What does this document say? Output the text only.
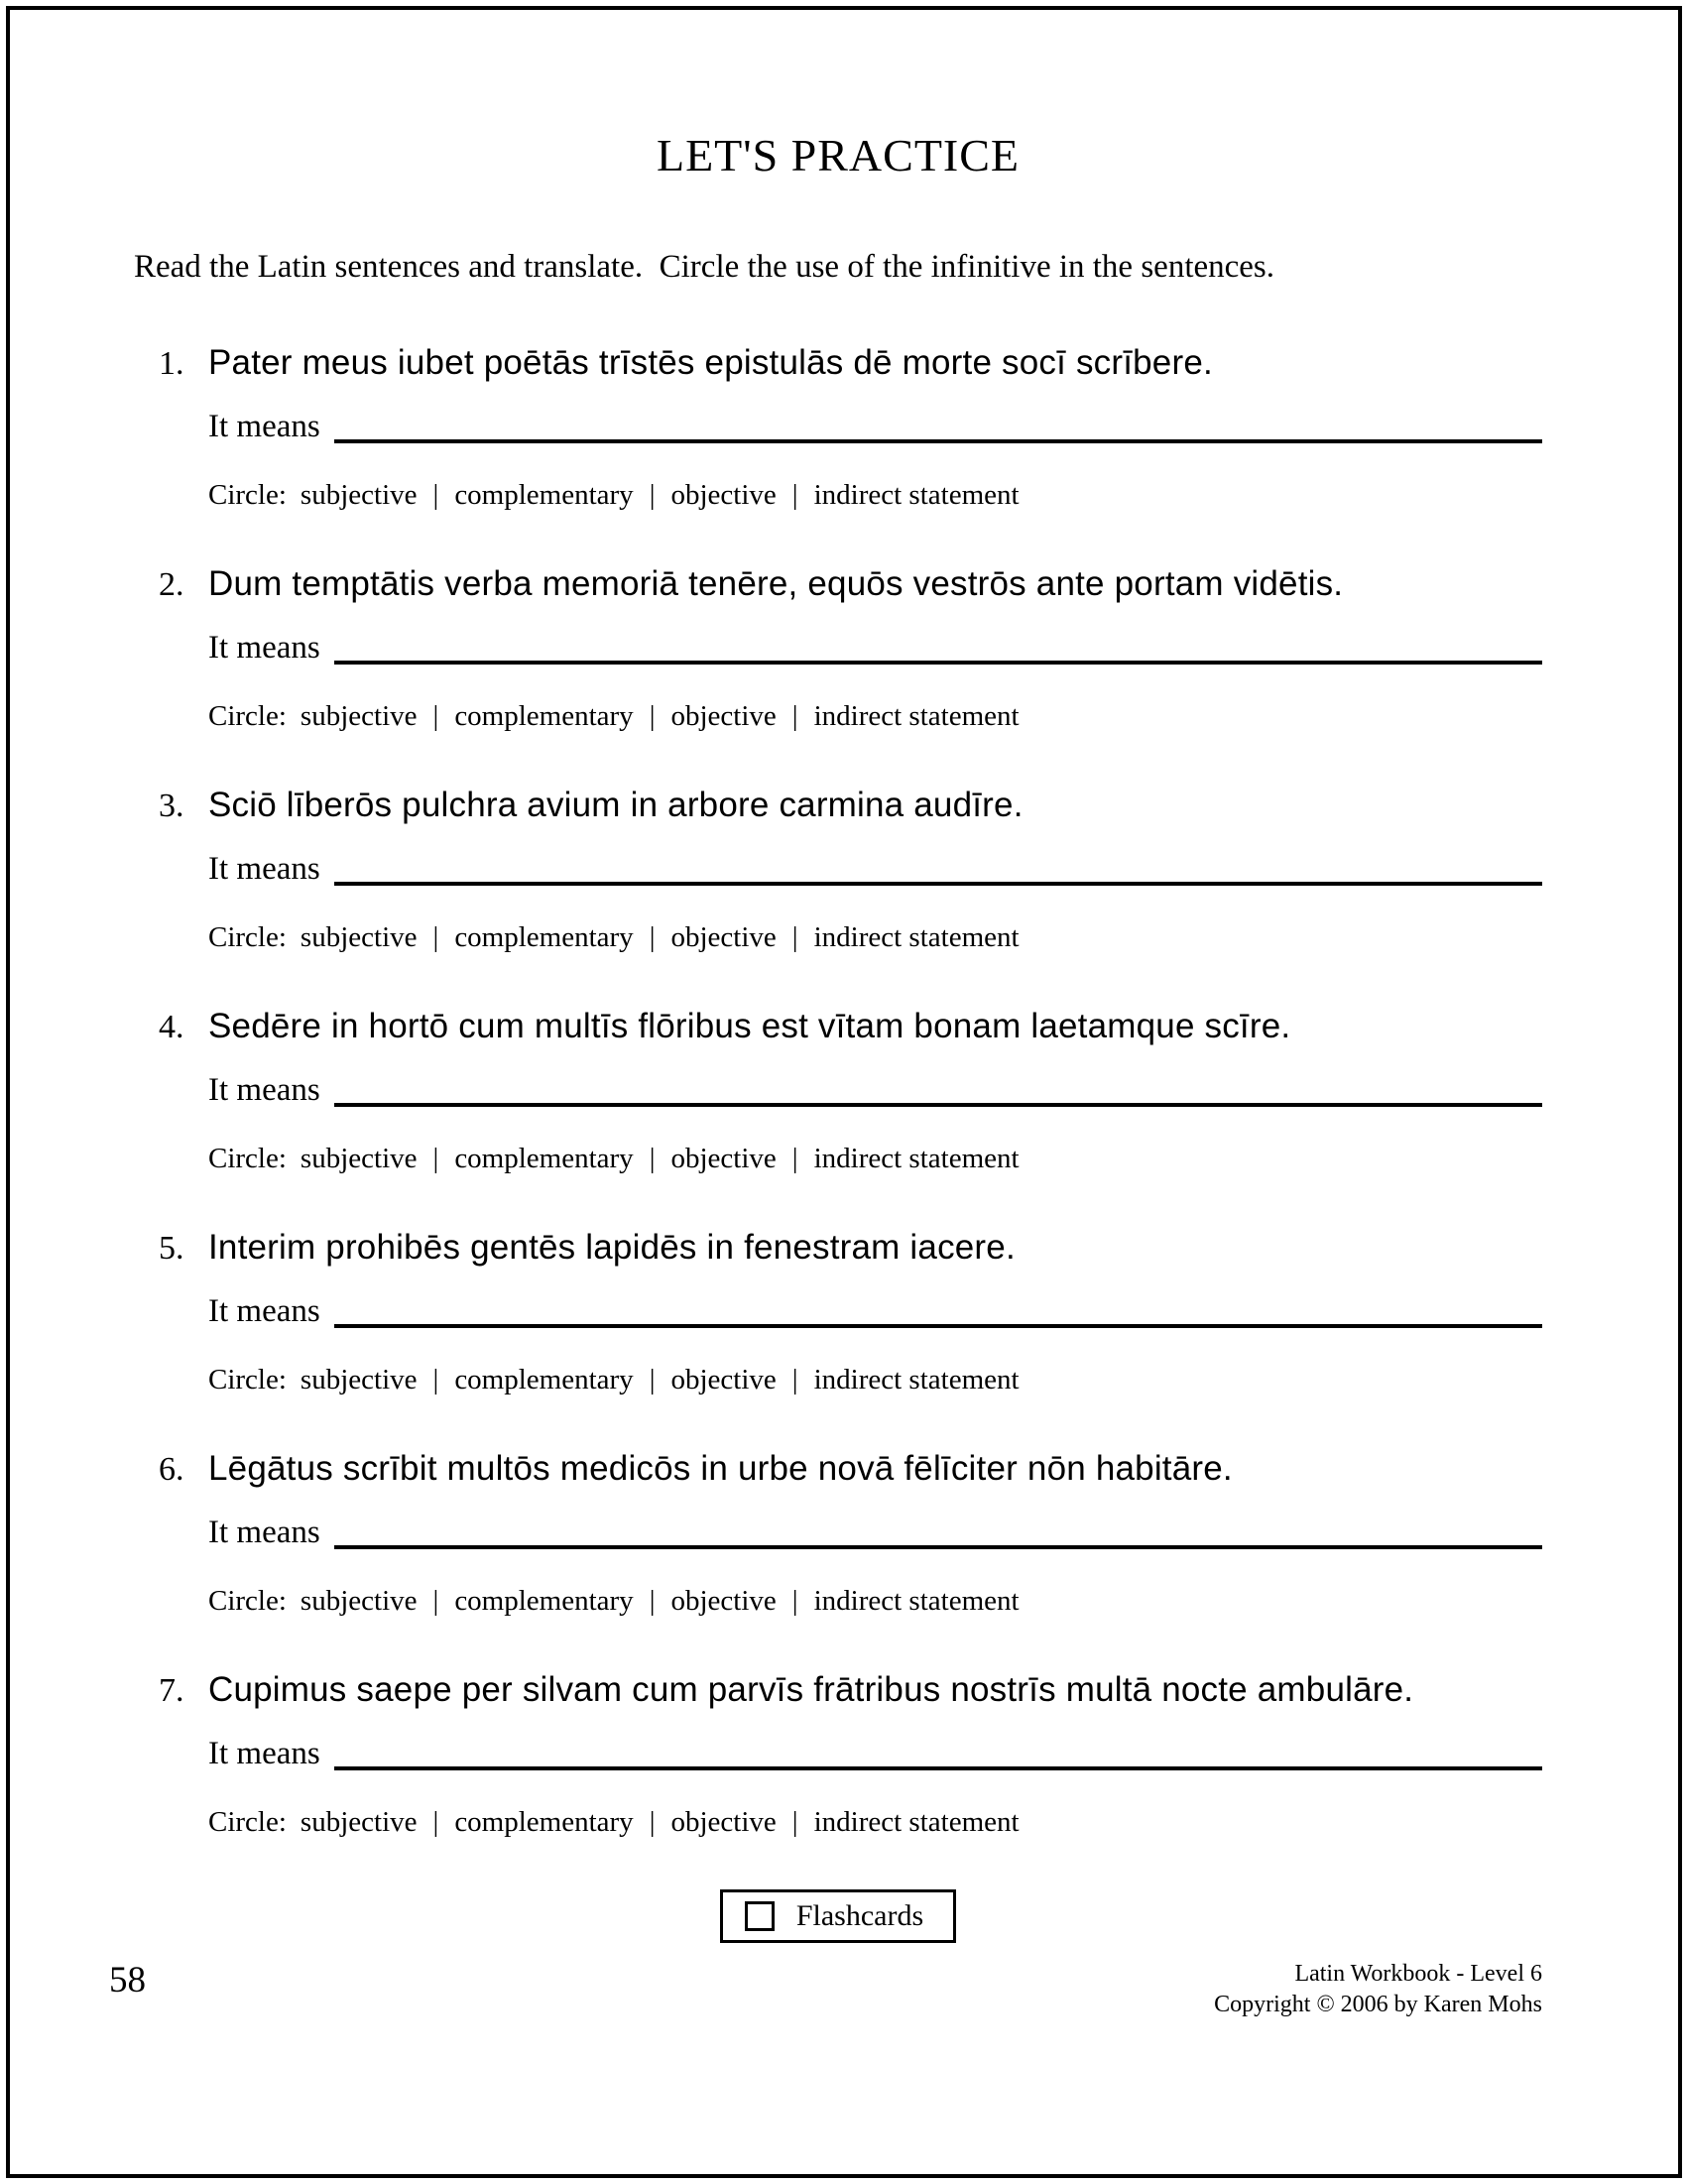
LET'S PRACTICE
Read the Latin sentences and translate.  Circle the use of the infinitive in the sentences.
1. Pater meus iubet poētās trīstēs epistulās dē morte socī scrībere.
It means
Circle: subjective | complementary | objective | indirect statement
2. Dum temptātis verba memoriā tenēre, equōs vestrōs ante portam vidētis.
It means
Circle: subjective | complementary | objective | indirect statement
3. Sciō līberōs pulchra avium in arbore carmina audīre.
It means
Circle: subjective | complementary | objective | indirect statement
4. Sedēre in hortō cum multīs flōribus est vītam bonam laetamque scīre.
It means
Circle: subjective | complementary | objective | indirect statement
5. Interim prohibēs gentēs lapidēs in fenestram iacere.
It means
Circle: subjective | complementary | objective | indirect statement
6. Lēgātus scrībit multōs medicōs in urbe novā fēlīciter nōn habitāre.
It means
Circle: subjective | complementary | objective | indirect statement
7. Cupimus saepe per silvam cum parvīs frātribus nostrīs multā nocte ambulāre.
It means
Circle: subjective | complementary | objective | indirect statement
Flashcards
58	Latin Workbook - Level 6
Copyright © 2006 by Karen Mohs
